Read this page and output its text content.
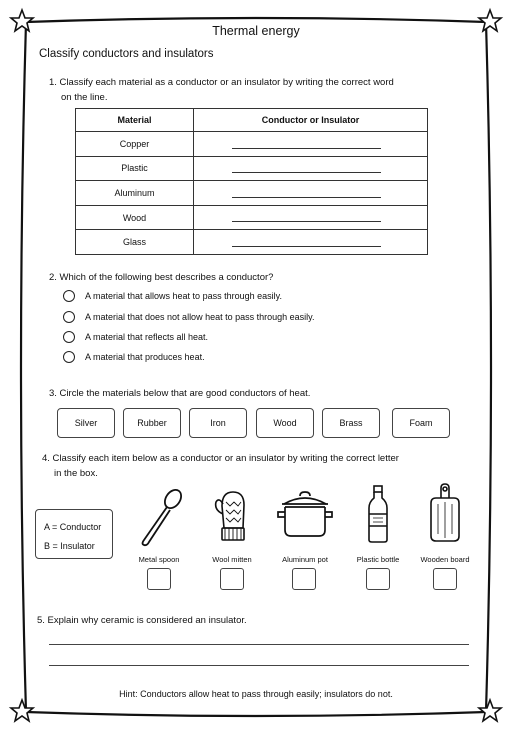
Thermal energy
Classify conductors and insulators
1. Classify each material as a conductor or an insulator by writing the correct word
on the line.
Material	Conductor or Insulator
Copper	

Plastic	

Aluminum	

Wood	

Glass	
2. Which of the following best describes a conductor?
A material that allows heat to pass through easily.
A material that does not allow heat to pass through easily.
A material that reflects all heat.
A material that produces heat.
3. Circle the materials below that are good conductors of heat.
Silver	Rubber	Iron	Wood	Brass	Foam
4. Classify each item below as a conductor or an insulator by writing the correct letter
in the box.
A = Conductor
B = Insulator
Metal spoon	Wool mitten	Aluminum pot	Plastic bottle	Wooden board
5. Explain why ceramic is considered an insulator.
Hint: Conductors allow heat to pass through easily; insulators do not.
